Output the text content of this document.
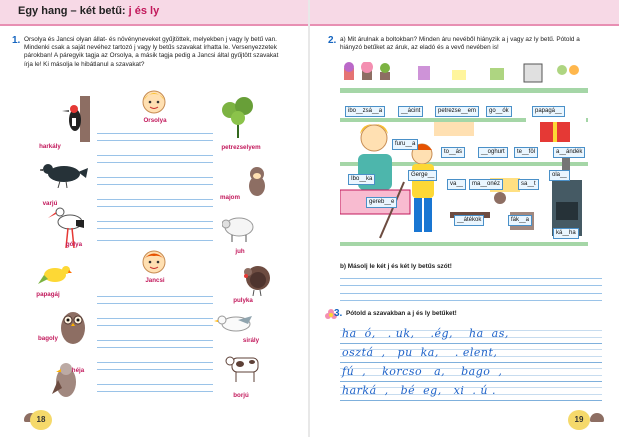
Egy hang – két betű: j és ly
1. Orsolya és Jancsi olyan állat- és növényneveket gyűjtöttek, melyekben j vagy ly betű van. Mindenki csak a saját nevéhez tartozó j vagy ly betűs szavakat írhatta le. Versenyezzetek párokban! A páregyik tagja az Orsolya, a másik tagja pedig a Jancsi által gyűjtött szavakat írja le! Ki másolja le hibátlanul a szavakat?
harkály
varjú
gólya
papagáj
bagoly
héja
Orsolya
Jancsi
petrezselyem
majom
juh
pulyka
sirály
borjú
18
2. a) Mit árulnak a boltokban? Minden áru nevéből hiányzik a j vagy az ly betű. Pótold a hiányzó betűket az áruk, az eladó és a vevő nevében is!
ibo__zsá__a	__ácint	petrezse__em	go__ók	papagá__
furu__a
to__ás	__oghurt	te__föl	a__ándék
Ibo__ka
Gerge__
va__	ma__onéz	sa__t
ola__
gereb__e
__átékok	fák__a
ká__ha
b) Másolj le két j és két ly betűs szót!
3. Pótold a szavakban a j és ly betűket!
ha  ó,   . uk,    .ég,    ha  as,
osztá  ,   pu  ka,    . elent,
fú  ,    korcso   a,    bago  ,
harká  ,   bé  eg,   xi  . ú .
19
